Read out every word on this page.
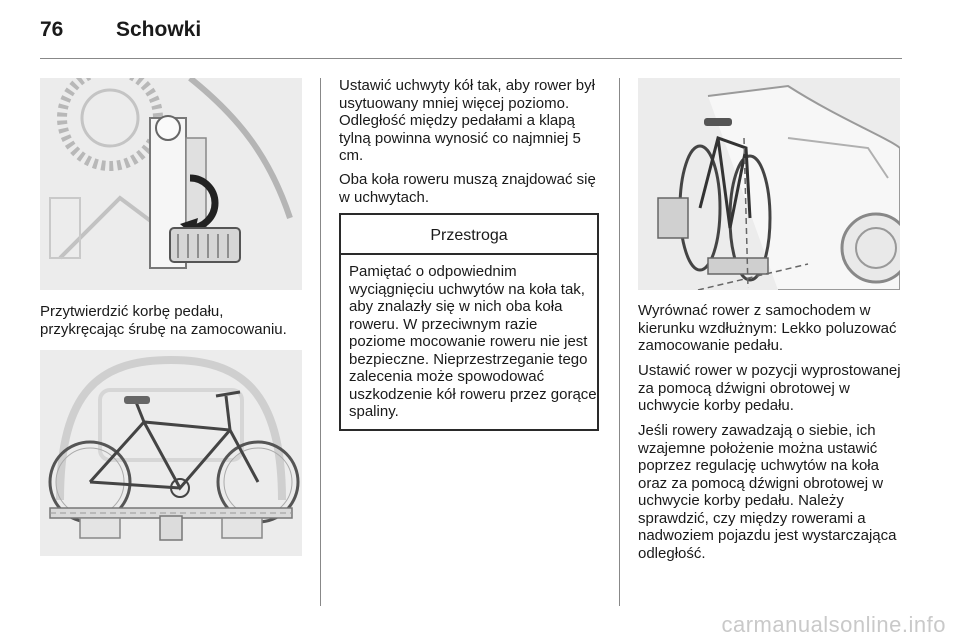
76	Schowki

Przytwierdzić korbę pedału, przykręcając śrubę na zamocowaniu.

Ustawić uchwyty kół tak, aby rower był usytuowany mniej więcej poziomo. Odległość między pedałami a klapą tylną powinna wynosić co najmniej 5 cm.

Oba koła roweru muszą znajdować się w uchwytach.

Przestroga

Pamiętać o odpowiednim wyciągnięciu uchwytów na koła tak, aby znalazły się w nich oba koła roweru. W przeciwnym razie poziome mocowanie roweru nie jest bezpieczne. Nieprzestrzeganie tego zalecenia może spowodować uszkodzenie kół roweru przez gorące spaliny.

Wyrównać rower z samochodem w kierunku wzdłużnym: Lekko poluzować zamocowanie pedału.

Ustawić rower w pozycji wyprostowanej za pomocą dźwigni obrotowej w uchwycie korby pedału.

Jeśli rowery zawadzają o siebie, ich wzajemne położenie można ustawić poprzez regulację uchwytów na koła oraz za pomocą dźwigni obrotowej w uchwycie korby pedału. Należy sprawdzić, czy między rowerami a nadwoziem pojazdu jest wystarczająca odległość.

carmanualsonline.info
